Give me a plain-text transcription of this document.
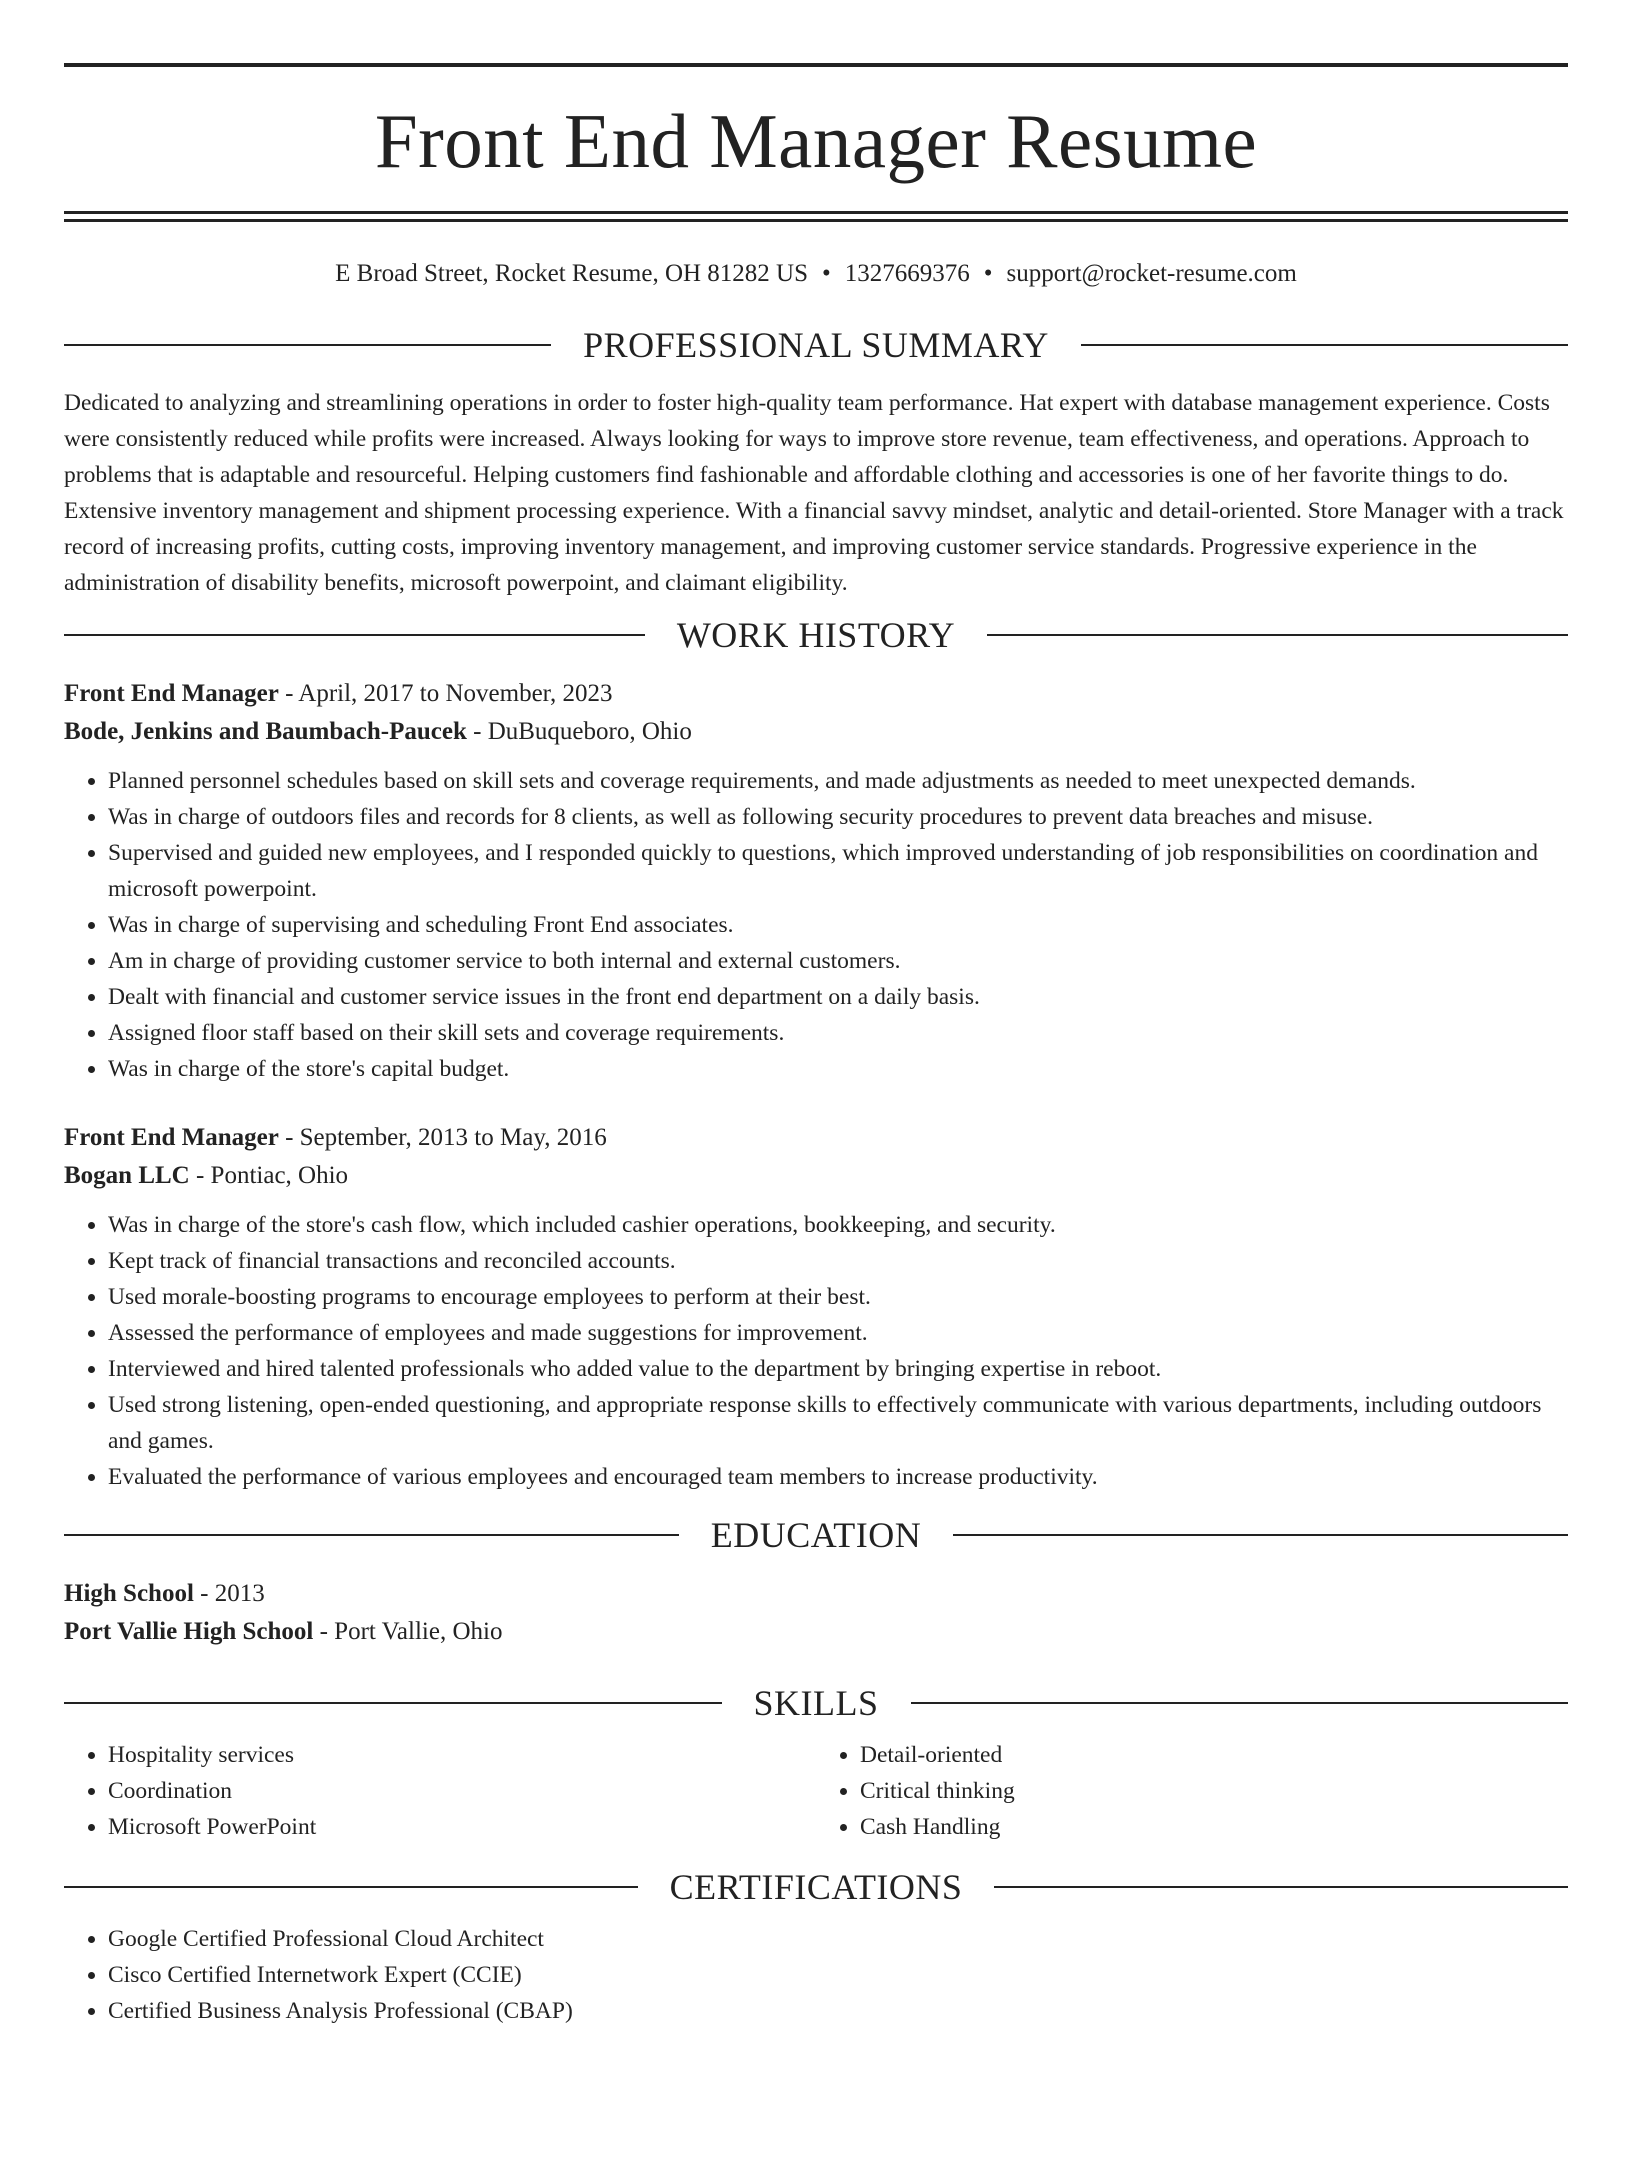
Front End Manager Resume
E Broad Street, Rocket Resume, OH 81282 US • 1327669376 • support@rocket-resume.com
PROFESSIONAL SUMMARY

Dedicated to analyzing and streamlining operations in order to foster high-quality team performance. Hat expert with database management experience. Costs were consistently reduced while profits were increased. Always looking for ways to improve store revenue, team effectiveness, and operations. Approach to problems that is adaptable and resourceful. Helping customers find fashionable and affordable clothing and accessories is one of her favorite things to do. Extensive inventory management and shipment processing experience. With a financial savvy mindset, analytic and detail-oriented. Store Manager with a track record of increasing profits, cutting costs, improving inventory management, and improving customer service standards. Progressive experience in the administration of disability benefits, microsoft powerpoint, and claimant eligibility.

WORK HISTORY

Front End Manager - April, 2017 to November, 2023

Bode, Jenkins and Baumbach-Paucek - DuBuqueboro, Ohio

• Planned personnel schedules based on skill sets and coverage requirements, and made adjustments as needed to meet unexpected demands.
• Was in charge of outdoors files and records for 8 clients, as well as following security procedures to prevent data breaches and misuse.
• Supervised and guided new employees, and I responded quickly to questions, which improved understanding of job responsibilities on coordination and microsoft powerpoint.
• Was in charge of supervising and scheduling Front End associates.
• Am in charge of providing customer service to both internal and external customers.
• Dealt with financial and customer service issues in the front end department on a daily basis.
• Assigned floor staff based on their skill sets and coverage requirements.
• Was in charge of the store's capital budget.

Front End Manager - September, 2013 to May, 2016

Bogan LLC - Pontiac, Ohio

• Was in charge of the store's cash flow, which included cashier operations, bookkeeping, and security.
• Kept track of financial transactions and reconciled accounts.
• Used morale-boosting programs to encourage employees to perform at their best.
• Assessed the performance of employees and made suggestions for improvement.
• Interviewed and hired talented professionals who added value to the department by bringing expertise in reboot.
• Used strong listening, open-ended questioning, and appropriate response skills to effectively communicate with various departments, including outdoors and games.
• Evaluated the performance of various employees and encouraged team members to increase productivity.
EDUCATION

High School - 2013

Port Vallie High School - Port Vallie, Ohio

SKILLS
• Hospitality services
• Coordination
• Microsoft PowerPoint
• Detail-oriented
• Critical thinking
• Cash Handling
CERTIFICATIONS
• Google Certified Professional Cloud Architect
• Cisco Certified Internetwork Expert (CCIE)
• Certified Business Analysis Professional (CBAP)
